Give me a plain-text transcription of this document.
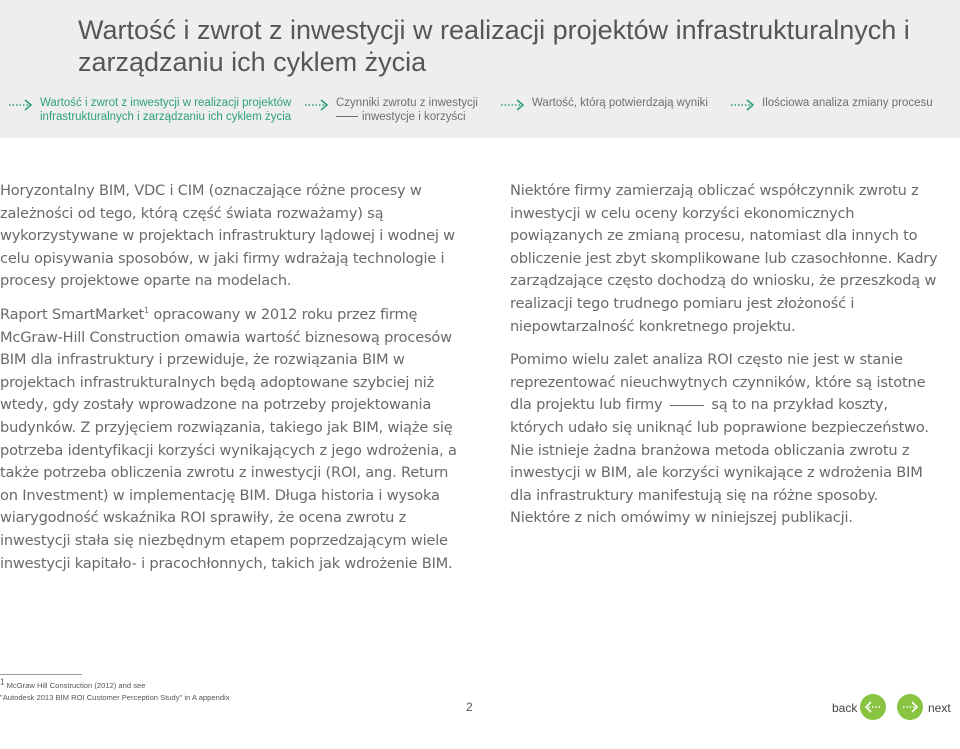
Wartość i zwrot z inwestycji w realizacji projektów infrastrukturalnych i zarządzaniu ich cyklem życia
Wartość i zwrot z inwestycji w realizacji projektów
infrastrukturalnych i zarządzaniu ich cyklem życia
Czynniki zwrotu z inwestycji
inwestycje i korzyści
Wartość, którą potwierdzają wyniki	Ilościowa analiza zmiany procesu

Horyzontalny BIM, VDC i CIM (oznaczające różne procesy w zależności od tego, którą część świata rozważamy) są wykorzystywane w projektach infrastruktury lądowej i wodnej w celu opisywania sposobów, w jaki firmy wdrażają technologie i procesy projektowe oparte na modelach.

Raport SmartMarket$^1$ opracowany w 2012 roku przez firmę McGraw-Hill Construction omawia wartość biznesową procesów BIM dla infrastruktury i przewiduje, że rozwiązania BIM w projektach infrastrukturalnych będą adoptowane szybciej niż wtedy, gdy zostały wprowadzone na potrzeby projektowania budynków. Z przyjęciem rozwiązania, takiego jak BIM, wiąże się potrzeba identyfikacji korzyści wynikających z jego wdrożenia, a także potrzeba obliczenia zwrotu z inwestycji (ROI, ang. Return on Investment) w implementację BIM. Długa historia i wysoka wiarygodność wskaźnika ROI sprawiły, że ocena zwrotu z inwestycji stała się niezbędnym etapem poprzedzającym wiele inwestycji kapitało- i pracochłonnych, takich jak wdrożenie BIM.

Niektóre firmy zamierzają obliczać współczynnik zwrotu z inwestycji w celu oceny korzyści ekonomicznych powiązanych ze zmianą procesu, natomiast dla innych to obliczenie jest zbyt skomplikowane lub czasochłonne. Kadry zarządzające często dochodzą do wniosku, że przeszkodą w realizacji tego trudnego pomiaru jest złożoność i niepowtarzalność konkretnego projektu.

Pomimo wielu zalet analiza ROI często nie jest w stanie reprezentować nieuchwytnych czynników, które są istotne dla projektu lub firmy	są to na przykład koszty, których udało się uniknąć lub poprawione bezpieczeństwo. Nie istnieje żadna branżowa metoda obliczania zwrotu z inwestycji w BIM, ale korzyści wynikające z wdrożenia BIM dla infrastruktury manifestują się na różne sposoby. Niektóre z nich omówimy w niniejszej publikacji.

$^1$ McGraw Hill Construction (2012) and see
"Autodesk 2013 BIM ROI Customer Perception Study" in A appendix
2	back	next
